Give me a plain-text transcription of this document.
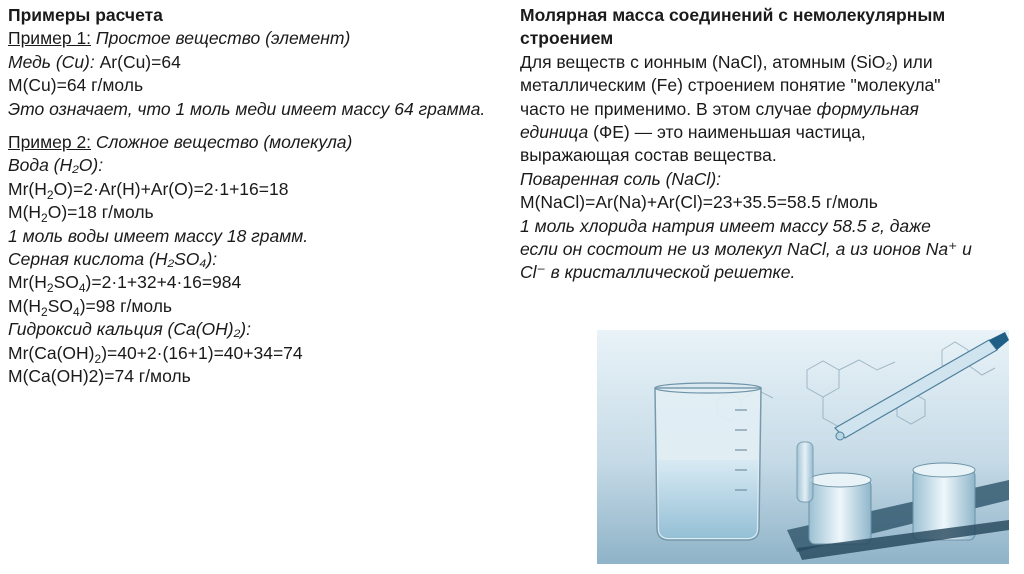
Примеры расчета
Пример 1: Простое вещество (элемент)
Медь (Cu): Ar(Cu)=64
M(Cu)=64 г/моль
Это означает, что 1 моль меди имеет массу 64 грамма.
Пример 2: Сложное вещество (молекула)
Вода (H₂O):
$Mr(H_2O)=2\cdot Ar(H)+Ar(O)=2\cdot 1+16=18$
$M(H_2O)=18$ г/моль
1 моль воды имеет массу 18 грамм.
Серная кислота (H₂SO₄):
$Mr(H_2SO_4)=2\cdot 1+32+4\cdot 16=984$
$M(H_2SO_4)=98$ г/моль
Гидроксид кальция (Ca(OH)₂):
$Mr(Ca(OH)_2)=40+2\cdot(16+1)=40+34=74$
M(Ca(OH)2)=74 г/моль
Молярная масса соединений с немолекулярным
строением
Для веществ с ионным (NaCl), атомным (SiO₂) или
металлическим (Fe) строением понятие "молекула"
часто не применимо. В этом случае формульная
единица (ФЕ) — это наименьшая частица,
выражающая состав вещества.
Поваренная соль (NaCl):
M(NaCl)=Ar(Na)+Ar(Cl)=23+35.5=58.5 г/моль
1 моль хлорида натрия имеет массу 58.5 г, даже
если он состоит не из молекул NaCl, а из ионов Na⁺ и
Cl⁻ в кристаллической решетке.
